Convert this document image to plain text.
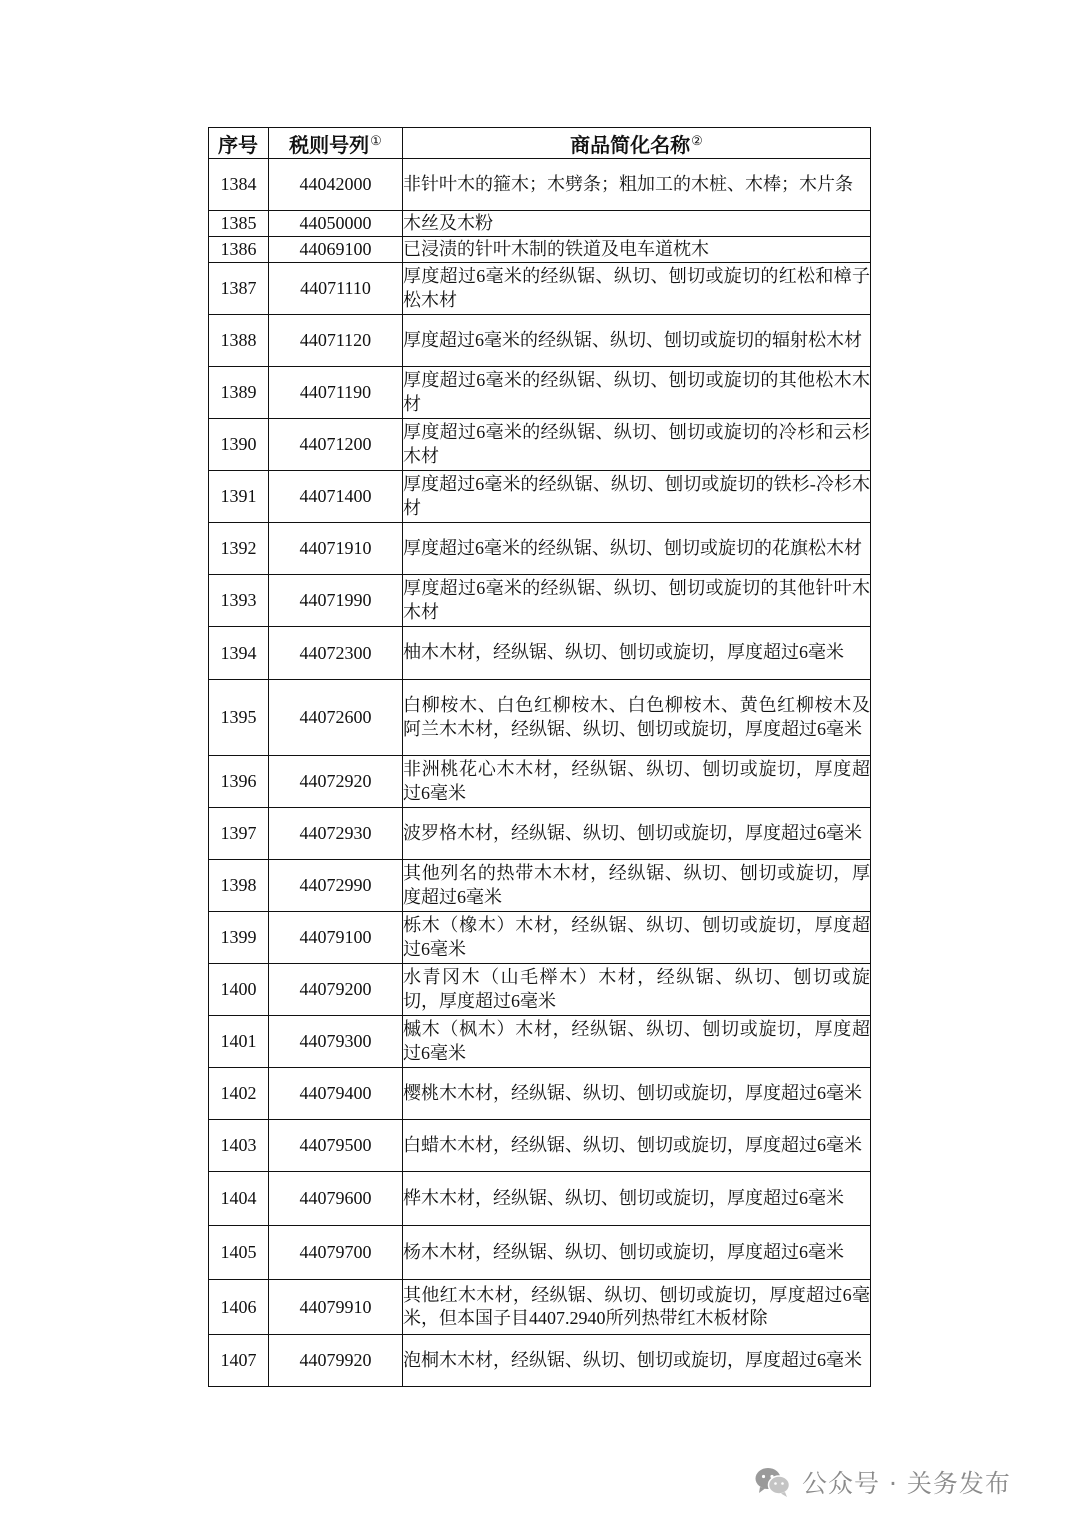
序号	税则号列①	商品简化名称②
1384	44042000	非针叶木的箍木；木劈条；粗加工的木桩、木棒；木片条
1385	44050000	木丝及木粉
1386	44069100	已浸渍的针叶木制的铁道及电车道枕木
1387	44071110	厚度超过6毫米的经纵锯、纵切、刨切或旋切的红松和樟子松木材
1388	44071120	厚度超过6毫米的经纵锯、纵切、刨切或旋切的辐射松木材
1389	44071190	厚度超过6毫米的经纵锯、纵切、刨切或旋切的其他松木木材
1390	44071200	厚度超过6毫米的经纵锯、纵切、刨切或旋切的冷杉和云杉木材
1391	44071400	厚度超过6毫米的经纵锯、纵切、刨切或旋切的铁杉-冷杉木材
1392	44071910	厚度超过6毫米的经纵锯、纵切、刨切或旋切的花旗松木材
1393	44071990	厚度超过6毫米的经纵锯、纵切、刨切或旋切的其他针叶木木材
1394	44072300	柚木木材，经纵锯、纵切、刨切或旋切，厚度超过6毫米
1395	44072600	白柳桉木、白色红柳桉木、白色柳桉木、黄色红柳桉木及阿兰木木材，经纵锯、纵切、刨切或旋切，厚度超过6毫米
1396	44072920	非洲桃花心木木材，经纵锯、纵切、刨切或旋切，厚度超过6毫米
1397	44072930	波罗格木材，经纵锯、纵切、刨切或旋切，厚度超过6毫米
1398	44072990	其他列名的热带木木材，经纵锯、纵切、刨切或旋切，厚度超过6毫米
1399	44079100	栎木（橡木）木材，经纵锯、纵切、刨切或旋切，厚度超过6毫米
1400	44079200	水青冈木（山毛榉木）木材，经纵锯、纵切、刨切或旋切，厚度超过6毫米
1401	44079300	槭木（枫木）木材，经纵锯、纵切、刨切或旋切，厚度超过6毫米
1402	44079400	樱桃木木材，经纵锯、纵切、刨切或旋切，厚度超过6毫米
1403	44079500	白蜡木木材，经纵锯、纵切、刨切或旋切，厚度超过6毫米
1404	44079600	桦木木材，经纵锯、纵切、刨切或旋切，厚度超过6毫米
1405	44079700	杨木木材，经纵锯、纵切、刨切或旋切，厚度超过6毫米
1406	44079910	其他红木木材，经纵锯、纵切、刨切或旋切，厚度超过6毫米，但本国子目4407.2940所列热带红木板材除
1407	44079920	泡桐木木材，经纵锯、纵切、刨切或旋切，厚度超过6毫米
公众号 · 关务发布
